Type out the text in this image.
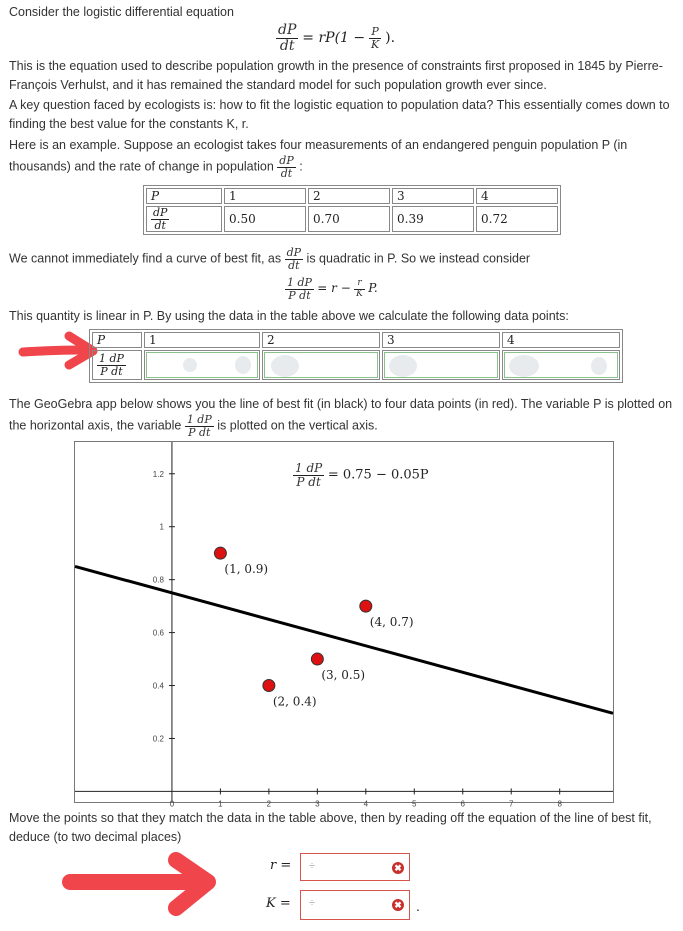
Consider the logistic differential equation

$\frac{dP}{dt} = rP(1 - \frac{P}{K}$ ).

This is the equation used to describe population growth in the presence of constraints first proposed in 1845 by Pierre-François Verhulst, and it has remained the standard model for such population growth ever since.

A key question faced by ecologists is: how to fit the logistic equation to population data? This essentially comes down to finding the best value for the constants K, r.

Here is an example. Suppose an ecologist takes four measurements of an endangered penguin population P (in thousands) and the rate of change in population $\frac{dP}{dt}$ :

P	1	2	3	4

$\frac{dP}{dt}$	0.50	0.70	0.39	0.72

We cannot immediately find a curve of best fit, as $\frac{dP}{dt}$ is quadratic in P. So we instead consider

$\frac{1 dP}{\text{P dt}} = r - \frac{r}{K} P$.

This quantity is linear in P. By using the data in the table above we calculate the following data points:

P	1	2	3	4

$\frac{1 dP}{\text{P dt}}$

The GeoGebra app below shows you the line of best fit (in black) to four data points (in red). The variable P is plotted on the horizontal axis, the variable $\frac{1 dP}{\text{P dt}}$ is plotted on the vertical axis.

0	1	2	3	4	5	6	7	8
0.2
0.4
0.6
0.8
1
1.2
(1, 0.9)
(2, 0.4)
(3, 0.5)
(4, 0.7)
$\frac{1 dP}{\text{P dt}} = 0.75 - 0.05P$

Move the points so that they match the data in the table above, then by reading off the equation of the line of best fit, deduce (to two decimal places)

r = ÷	✖
K = ÷	✖ .
